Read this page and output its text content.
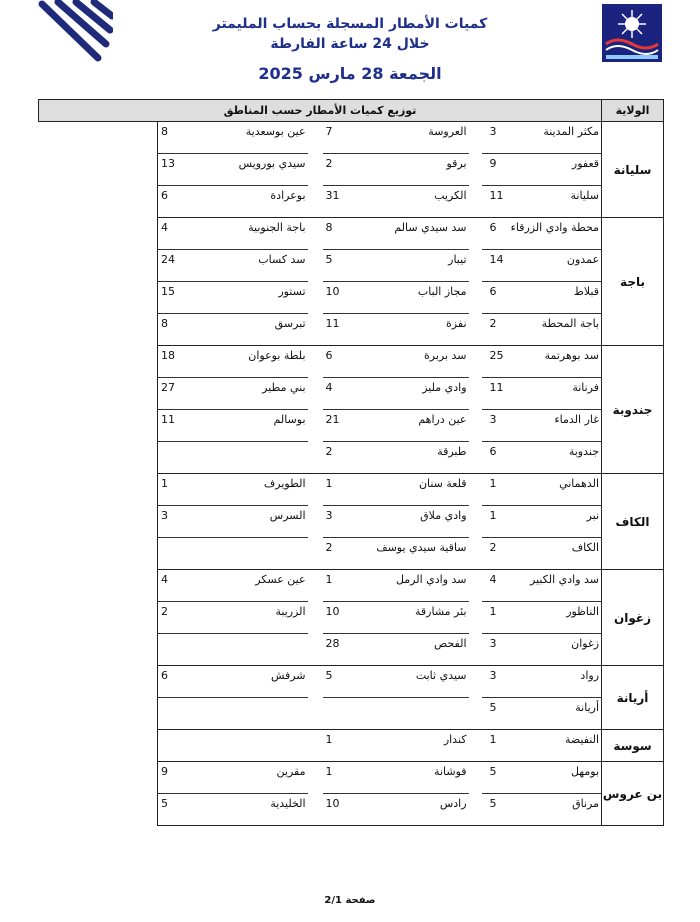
كميات الأمطار المسجلة بحساب المليمتر
خلال 24 ساعة الفارطة
الجمعة 28 مارس 2025
الولاية	توزيع كميات الأمطار حسب المناطق							
سليانة	مكثر المدينة	3		العروسة	7		عين بوسعدية	8
	قعفور	9		برقو	2		سيدي بورويس	13
	سليانة	11		الكريب	31		بوعرادة	6
باجة	محطة وادي الزرقاء	6		سد سيدي سالم	8		باجة الجنوبية	4
	عمدون	14		تيبار	5		سد كساب	24
	قبلاط	6		مجاز الباب	10		تستور	15
	باجة المحطة	2		نفزة	11		تبرسق	8
جندوبة	سد بوهرتمة	25		سد بربرة	6		بلطة بوعوان	18
	فرنانة	11		وادي مليز	4		بني مطير	27
	غار الدماء	3		عين دراهم	21		بوسالم	11
	جندوبة	6		طبرقة	2			
الكاف	الدهماني	1		قلعة سنان	1		الطويرف	1
	نبر	1		وادي ملاق	3		السرس	3
	الكاف	2		ساقية سيدي يوسف	2			
زغوان	سد وادي الكبير	4		سد وادي الرمل	1		عين عسكر	4
	الناظور	1		بئر مشارقة	10		الزريبة	2
	زغوان	3		الفحص	28			
أريانة	رواد	3		سيدي ثابت	5		شرفش	6
	أريانة	5						
سوسة	النفيضة	1		كندار	1			
بن عروس	بومهل	5		فوشانة	1		مقرين	9
	مرناق	5		رادس	10		الخليدية	5
صفحة 2/1
